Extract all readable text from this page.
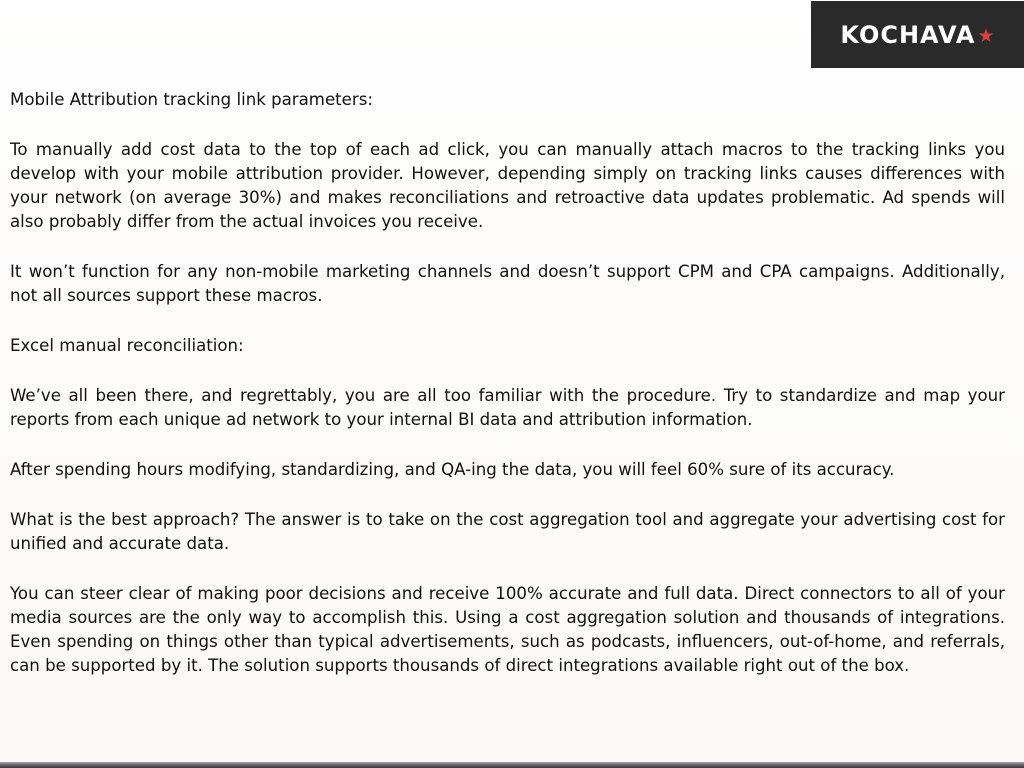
KOCHAVA ★

Mobile Attribution tracking link parameters:

To manually add cost data to the top of each ad click, you can manually attach macros to the tracking links you develop with your mobile attribution provider. However, depending simply on tracking links causes differences with your network (on average 30%) and makes reconciliations and retroactive data updates problematic. Ad spends will also probably differ from the actual invoices you receive.

It won’t function for any non-mobile marketing channels and doesn’t support CPM and CPA campaigns. Additionally, not all sources support these macros.

Excel manual reconciliation:

We’ve all been there, and regrettably, you are all too familiar with the procedure. Try to standardize and map your reports from each unique ad network to your internal BI data and attribution information.

After spending hours modifying, standardizing, and QA-ing the data, you will feel 60% sure of its accuracy.

What is the best approach? The answer is to take on the cost aggregation tool and aggregate your advertising cost for unified and accurate data.

You can steer clear of making poor decisions and receive 100% accurate and full data. Direct connectors to all of your media sources are the only way to accomplish this. Using a cost aggregation solution and thousands of integrations. Even spending on things other than typical advertisements, such as podcasts, influencers, out-of-home, and referrals, can be supported by it. The solution supports thousands of direct integrations available right out of the box.
